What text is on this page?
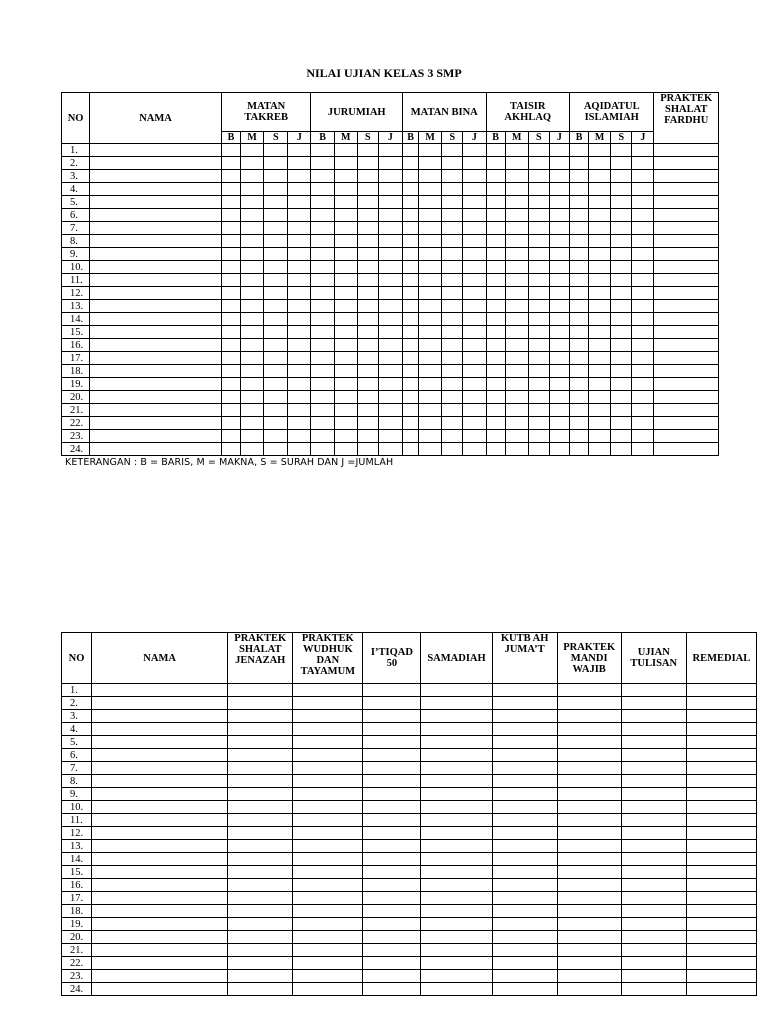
NILAI UJIAN KELAS 3 SMP
NO	NAMA	MATAN TAKREB				JURUMIAH				MATAN BINA				TAISIR AKHLAQ				AQIDATUL ISLAMIAH				PRAKTEK SHALAT FARDHU
		B	M	S	J	B	M	S	J	B	M	S	J	B	M	S	J	B	M	S	J	
1.																						
2.																						
3.																						
4.																						
5.																						
6.																						
7.																						
8.																						
9.																						
10.																						
11.																						
12.																						
13.																						
14.																						
15.																						
16.																						
17.																						
18.																						
19.																						
20.																						
21.																						
22.																						
23.																						
24.																						
KETERANGAN : B = BARIS, M = MAKNA, S = SURAH DAN J =JUMLAH
NO	NAMA	PRAKTEK SHALAT JENAZAH	PRAKTEK WUDHUK DAN TAYAMUM	I’TIQAD 50	SAMADIAH	KUTB AH JUMA’T	PRAKTEK MANDI WAJIB	UJIAN TULISAN	REMEDIAL
1.									
2.									
3.									
4.									
5.									
6.									
7.									
8.									
9.									
10.									
11.									
12.									
13.									
14.									
15.									
16.									
17.									
18.									
19.									
20.									
21.									
22.									
23.									
24.									
